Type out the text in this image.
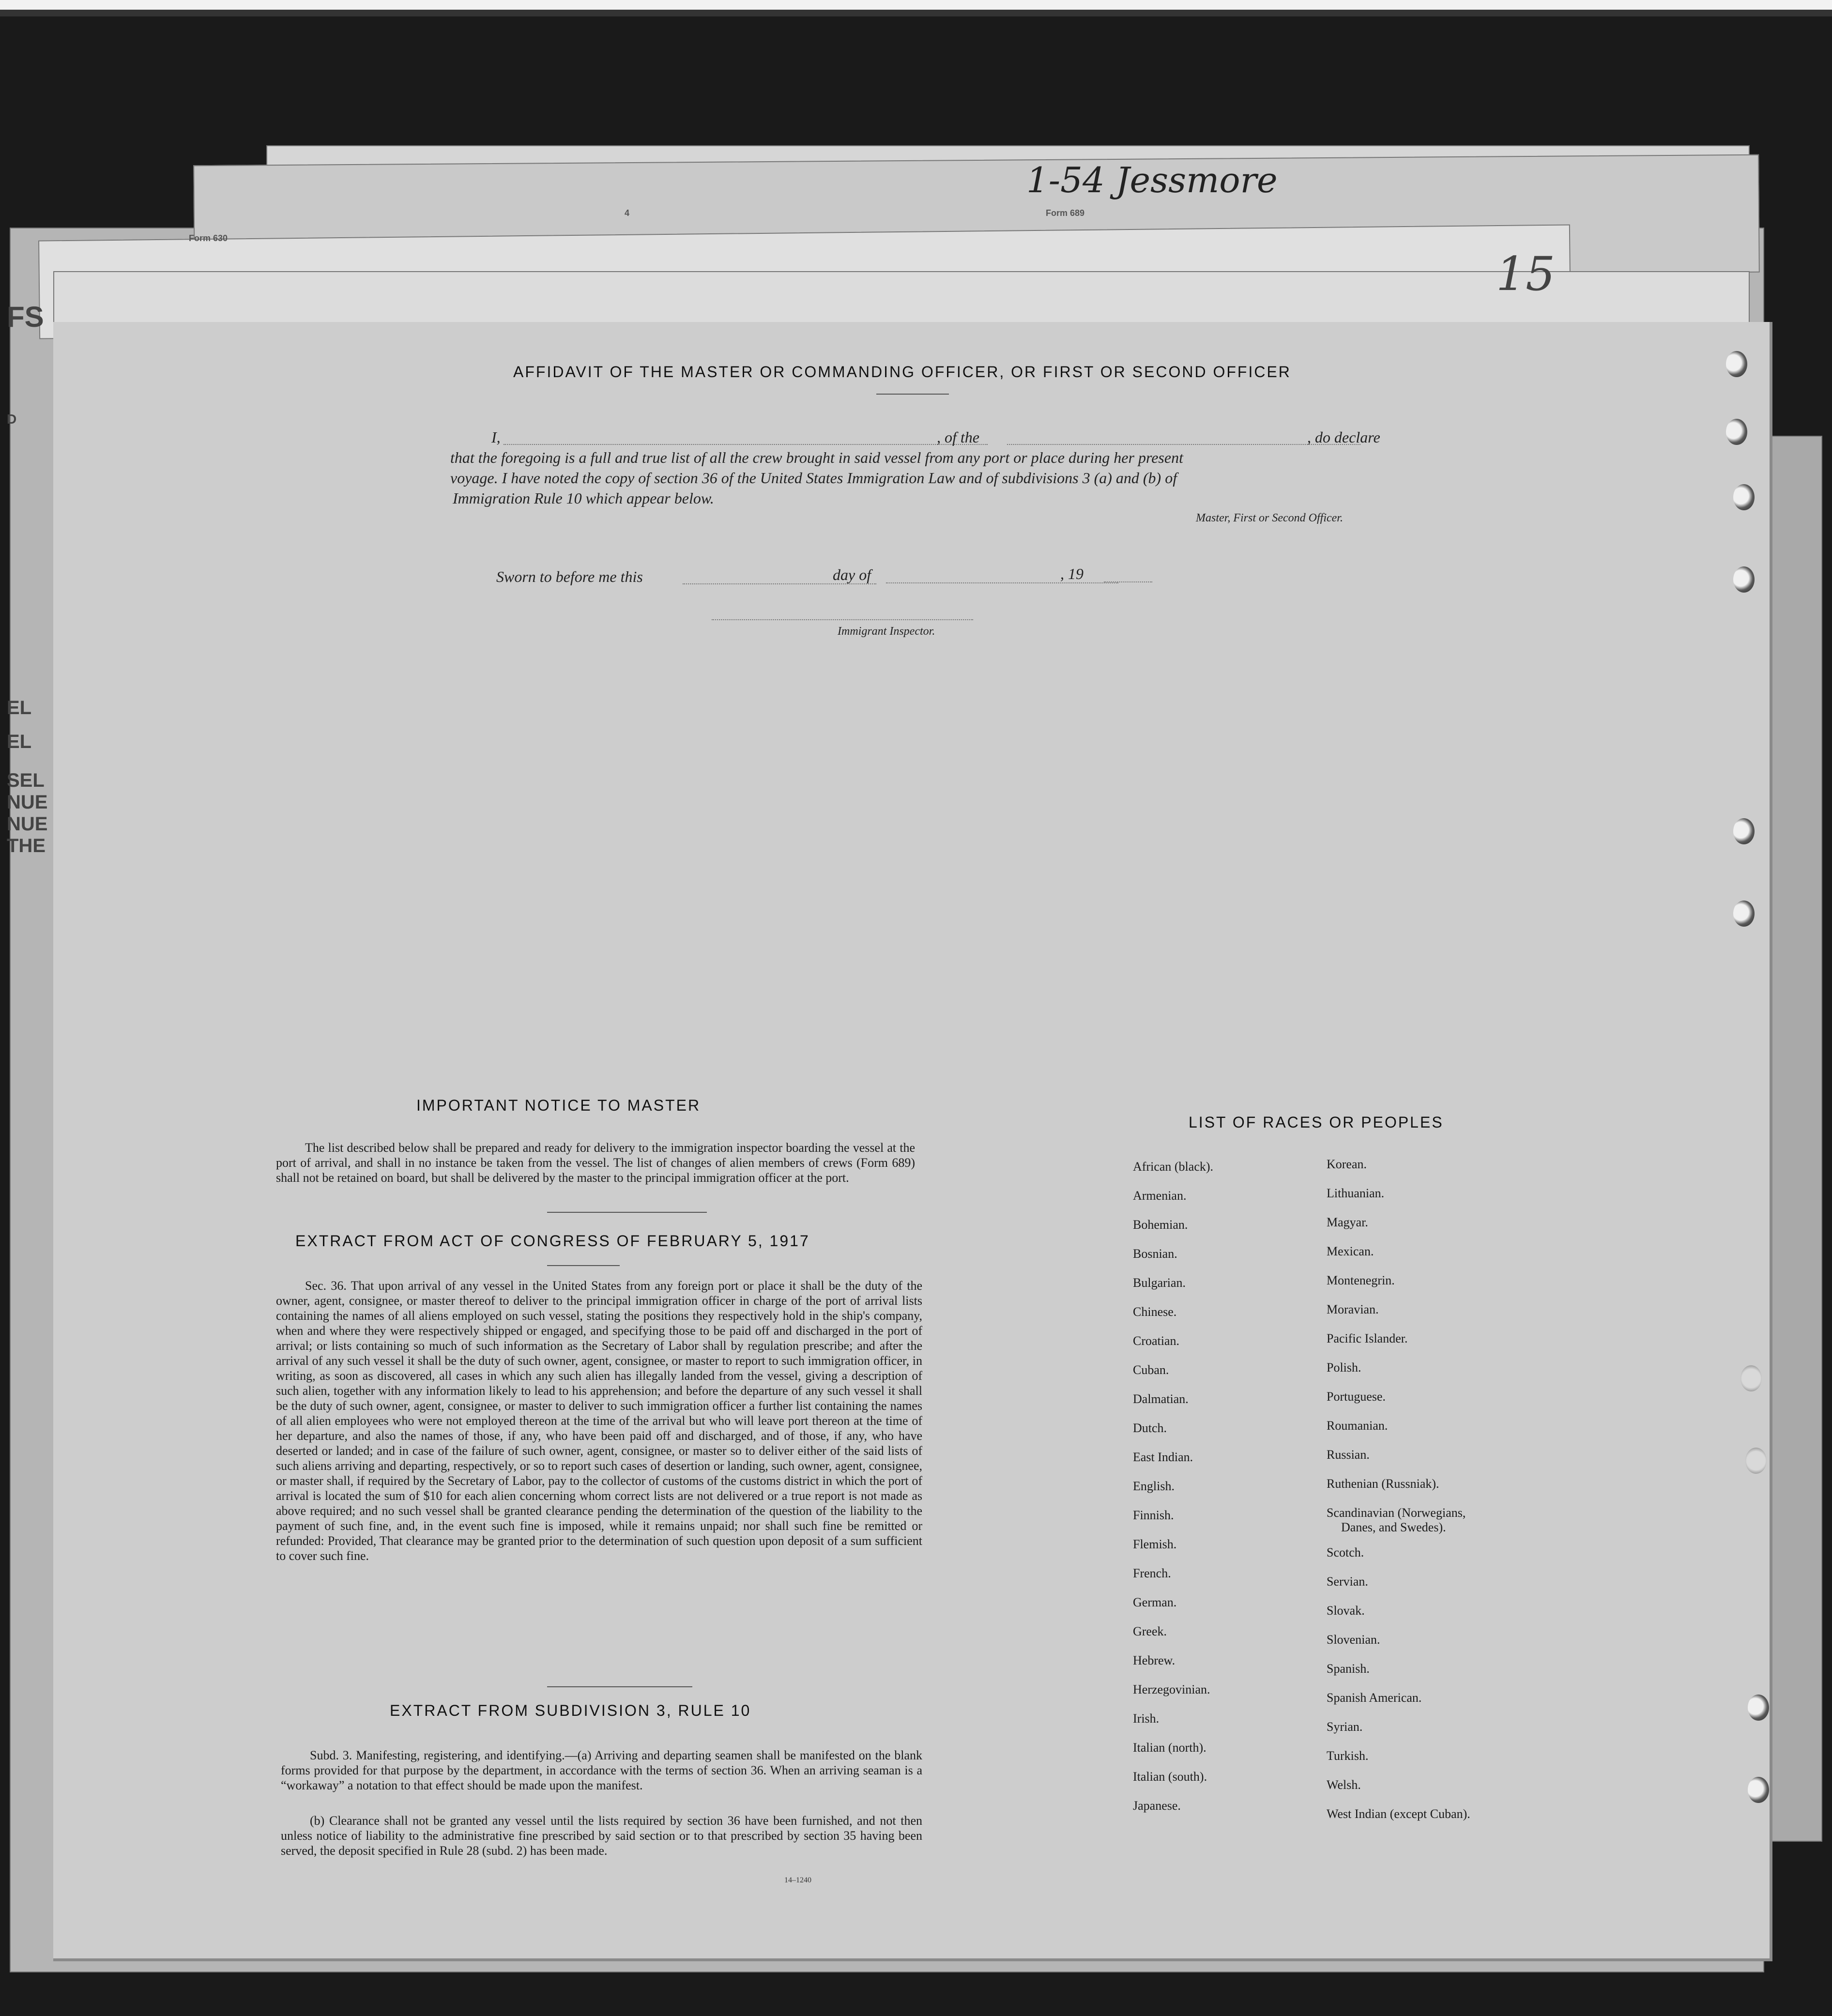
Form 689
4
Form 630
1-54 Jessmore
15
FS
D
EL
EL
SEL
NUE
NUE
THE
AFFIDAVIT OF THE MASTER OR COMMANDING OFFICER, OR FIRST OR SECOND OFFICER
I,	, of the	, do declare
that the foregoing is a full and true list of all the crew brought in said vessel from any port or place during her present
voyage. I have noted the copy of section 36 of the United States Immigration Law and of subdivisions 3 (a) and (b) of
Immigration Rule 10 which appear below.
Master, First or Second Officer.
Sworn to before me this	day of	, 19
Immigrant Inspector.
IMPORTANT NOTICE TO MASTER
The list described below shall be prepared and ready for delivery to the immigration inspector boarding the vessel at the port of arrival, and shall in no instance be taken from the vessel. The list of changes of alien members of crews (Form 689) shall not be retained on board, but shall be delivered by the master to the principal immigration officer at the port.
EXTRACT FROM ACT OF CONGRESS OF FEBRUARY 5, 1917
Sec. 36. That upon arrival of any vessel in the United States from any foreign port or place it shall be the duty of the owner, agent, consignee, or master thereof to deliver to the principal immigration officer in charge of the port of arrival lists containing the names of all aliens employed on such vessel, stating the positions they respectively hold in the ship's company, when and where they were respectively shipped or engaged, and specifying those to be paid off and discharged in the port of arrival; or lists containing so much of such information as the Secretary of Labor shall by regulation prescribe; and after the arrival of any such vessel it shall be the duty of such owner, agent, consignee, or master to report to such immigration officer, in writing, as soon as discovered, all cases in which any such alien has illegally landed from the vessel, giving a description of such alien, together with any information likely to lead to his apprehension; and before the departure of any such vessel it shall be the duty of such owner, agent, consignee, or master to deliver to such immigration officer a further list containing the names of all alien employees who were not employed thereon at the time of the arrival but who will leave port thereon at the time of her departure, and also the names of those, if any, who have been paid off and discharged, and of those, if any, who have deserted or landed; and in case of the failure of such owner, agent, consignee, or master so to deliver either of the said lists of such aliens arriving and departing, respectively, or so to report such cases of desertion or landing, such owner, agent, consignee, or master shall, if required by the Secretary of Labor, pay to the collector of customs of the customs district in which the port of arrival is located the sum of $10 for each alien concerning whom correct lists are not delivered or a true report is not made as above required; and no such vessel shall be granted clearance pending the determination of the question of the liability to the payment of such fine, and, in the event such fine is imposed, while it remains unpaid; nor shall such fine be remitted or refunded: Provided, That clearance may be granted prior to the determination of such question upon deposit of a sum sufficient to cover such fine.
EXTRACT FROM SUBDIVISION 3, RULE 10
Subd. 3. Manifesting, registering, and identifying.—(a) Arriving and departing seamen shall be manifested on the blank forms provided for that purpose by the department, in accordance with the terms of section 36. When an arriving seaman is a “workaway” a notation to that effect should be made upon the manifest.
(b) Clearance shall not be granted any vessel until the lists required by section 36 have been furnished, and not then unless notice of liability to the administrative fine prescribed by said section or to that prescribed by section 35 having been served, the deposit specified in Rule 28 (subd. 2) has been made.
14–1240
LIST OF RACES OR PEOPLES
African (black).
Armenian.
Bohemian.
Bosnian.
Bulgarian.
Chinese.
Croatian.
Cuban.
Dalmatian.
Dutch.
East Indian.
English.
Finnish.
Flemish.
French.
German.
Greek.
Hebrew.
Herzegovinian.
Irish.
Italian (north).
Italian (south).
Japanese.
Korean.
Lithuanian.
Magyar.
Mexican.
Montenegrin.
Moravian.
Pacific Islander.
Polish.
Portuguese.
Roumanian.
Russian.
Ruthenian (Russniak).
Scandinavian (Norwegians,
Danes, and Swedes).
Scotch.
Servian.
Slovak.
Slovenian.
Spanish.
Spanish American.
Syrian.
Turkish.
Welsh.
West Indian (except Cuban).
